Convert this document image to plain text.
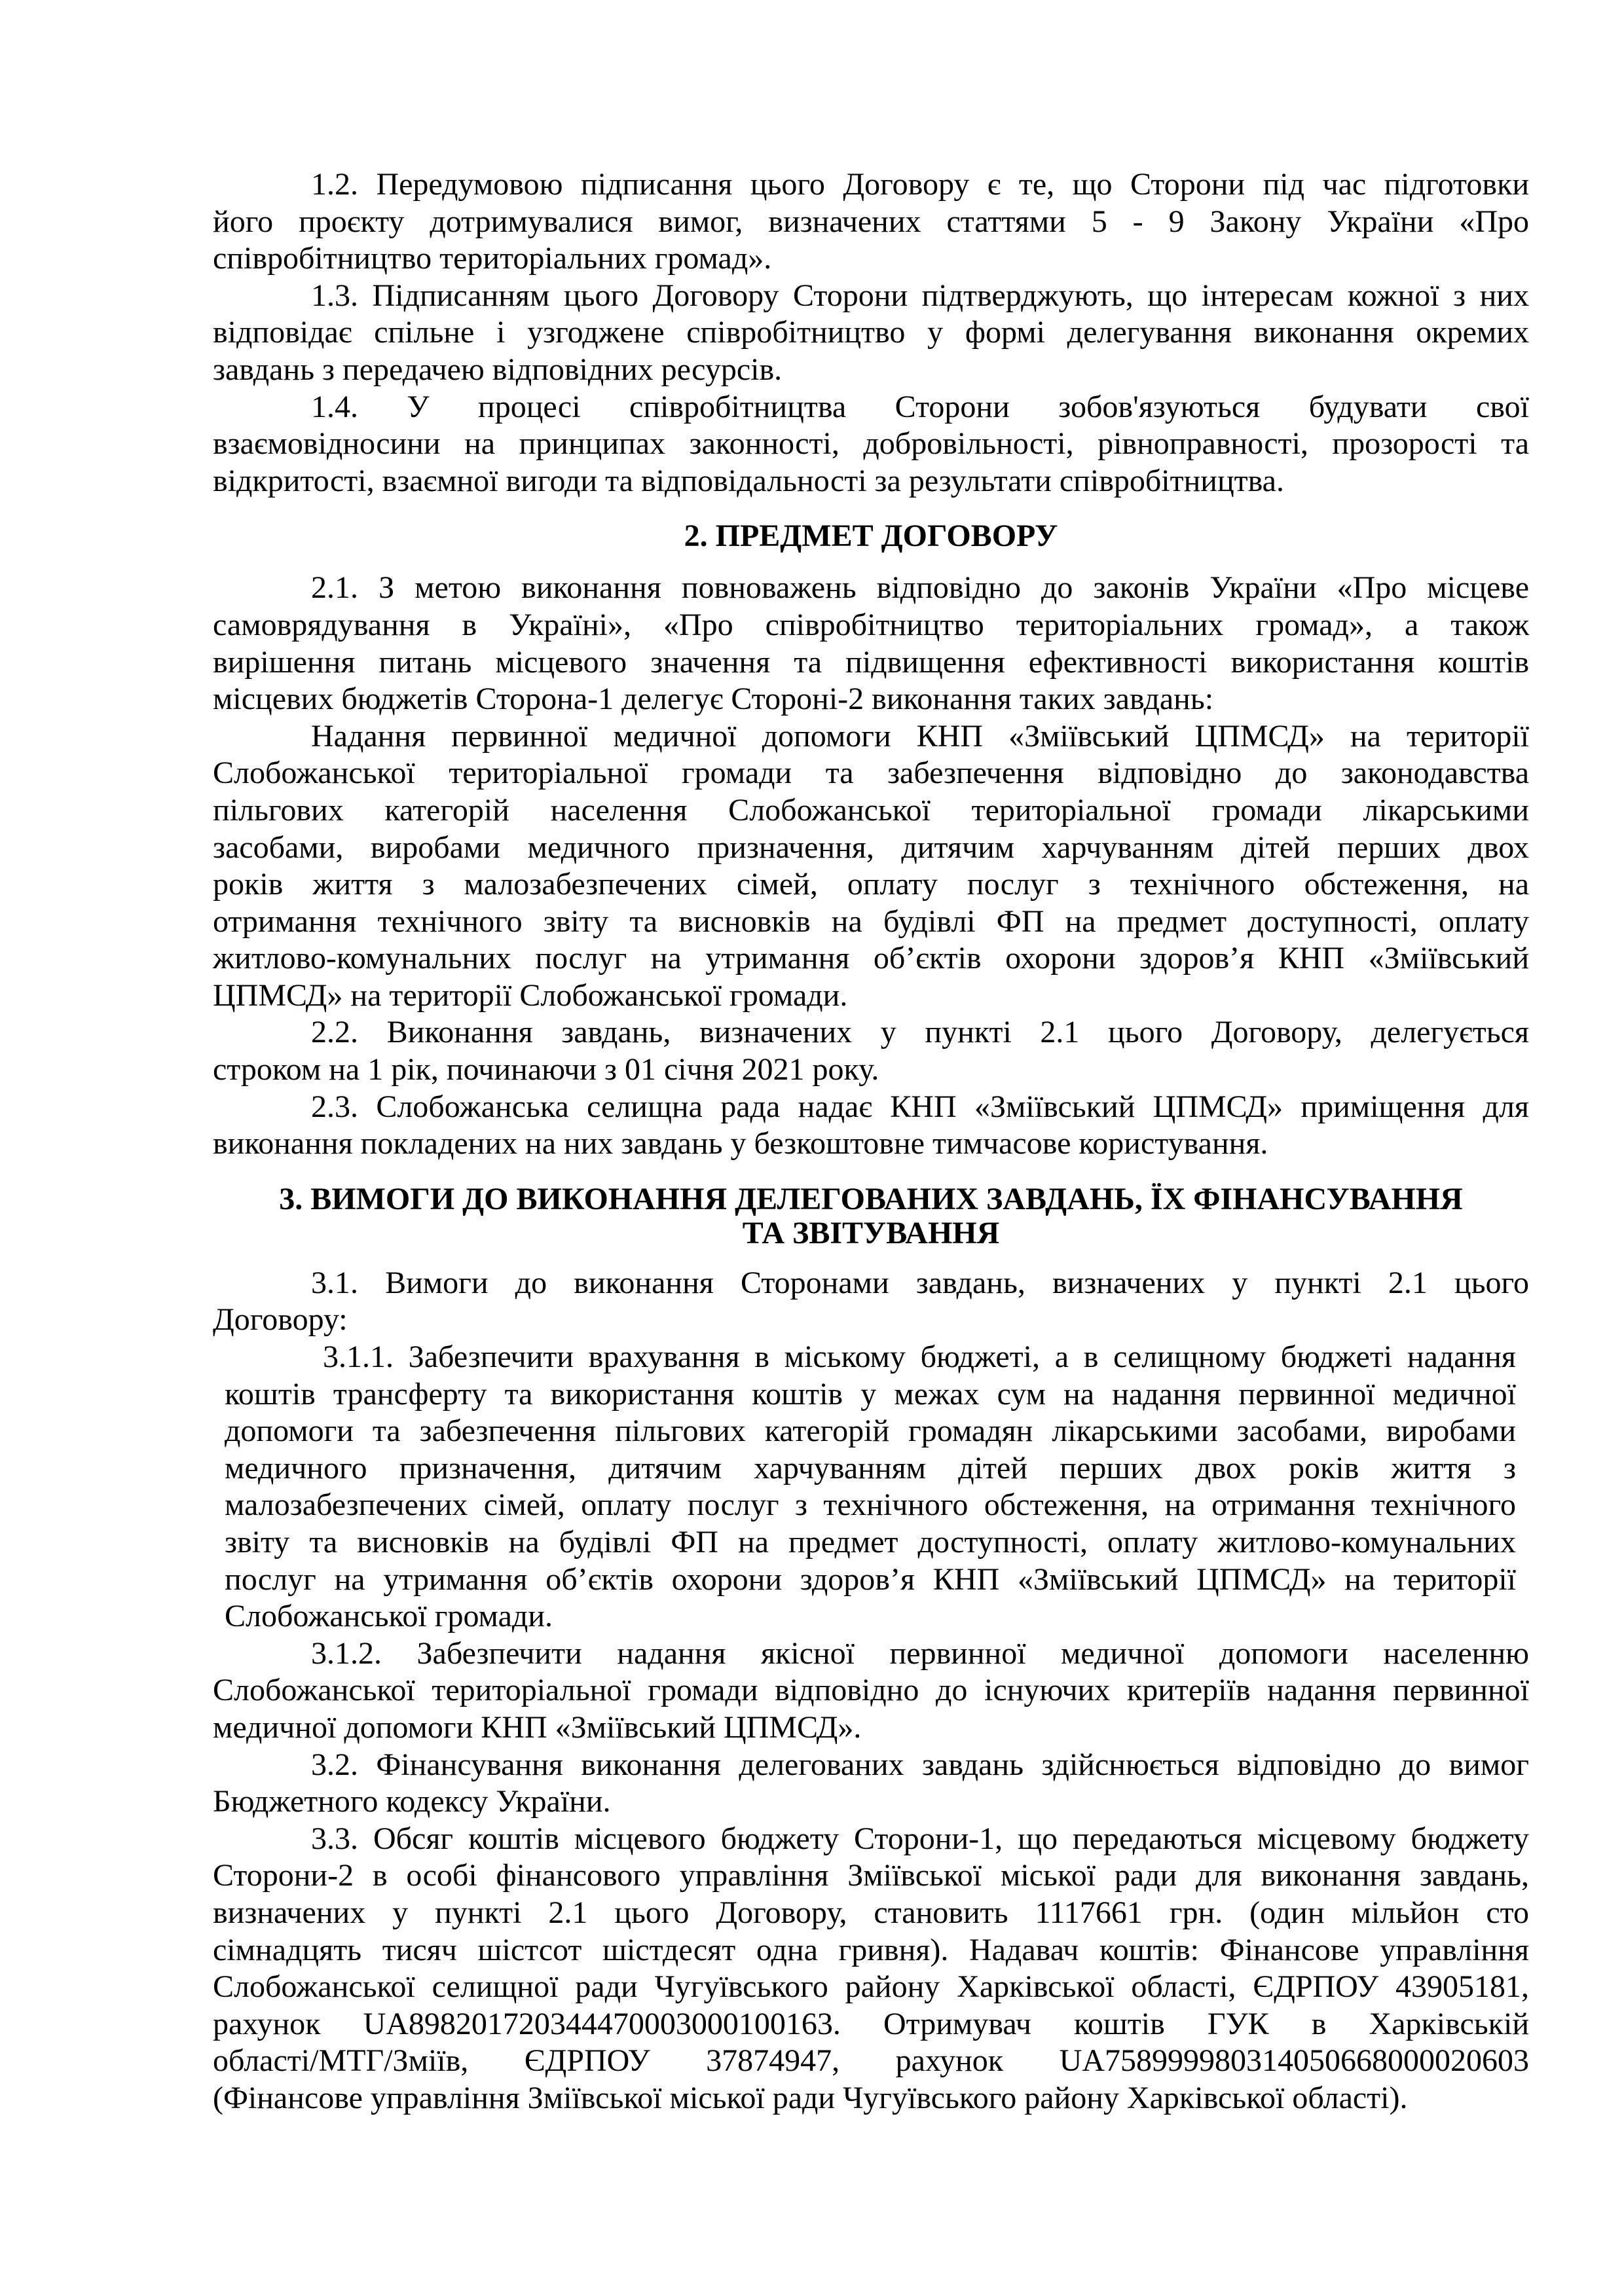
1.2. Передумовою підписання цього Договору є те, що Сторони під час підготовки
його проєкту дотримувалися вимог, визначених статтями 5 - 9 Закону України «Про
співробітництво територіальних громад».
1.3. Підписанням цього Договору Сторони підтверджують, що інтересам кожної з них
відповідає спільне і узгоджене співробітництво у формі делегування виконання окремих
завдань з передачею відповідних ресурсів.
1.4. У процесі співробітництва Сторони зобов'язуються будувати свої
взаємовідносини на принципах законності, добровільності, рівноправності, прозорості та
відкритості, взаємної вигоди та відповідальності за результати співробітництва.
2. ПРЕДМЕТ ДОГОВОРУ
2.1. З метою виконання повноважень відповідно до законів України «Про місцеве
самоврядування в Україні», «Про співробітництво територіальних громад», а також
вирішення питань місцевого значення та підвищення ефективності використання коштів
місцевих бюджетів Сторона-1 делегує Стороні-2 виконання таких завдань:
Надання первинної медичної допомоги КНП «Зміївський ЦПМСД» на території
Слобожанської територіальної громади та забезпечення відповідно до законодавства
пільгових категорій населення Слобожанської територіальної громади лікарськими
засобами, виробами медичного призначення, дитячим харчуванням дітей перших двох
років життя з малозабезпечених сімей, оплату послуг з технічного обстеження, на
отримання технічного звіту та висновків на будівлі ФП на предмет доступності, оплату
житлово-комунальних послуг на утримання об’єктів охорони здоров’я КНП «Зміївський
ЦПМСД» на території Слобожанської громади.
2.2. Виконання завдань, визначених у пункті 2.1 цього Договору, делегується
строком на 1 рік, починаючи з 01 січня 2021 року.
2.3. Слобожанська селищна рада надає КНП «Зміївський ЦПМСД» приміщення для
виконання покладених на них завдань у безкоштовне тимчасове користування.
3. ВИМОГИ ДО ВИКОНАННЯ ДЕЛЕГОВАНИХ ЗАВДАНЬ, ЇХ ФІНАНСУВАННЯ
ТА ЗВІТУВАННЯ
3.1. Вимоги до виконання Сторонами завдань, визначених у пункті 2.1 цього
Договору:
3.1.1. Забезпечити врахування в міському бюджеті, а в селищному бюджеті надання
коштів трансферту та використання коштів у межах сум на надання первинної медичної
допомоги та забезпечення пільгових категорій громадян лікарськими засобами, виробами
медичного призначення, дитячим харчуванням дітей перших двох років життя з
малозабезпечених сімей, оплату послуг з технічного обстеження, на отримання технічного
звіту та висновків на будівлі ФП на предмет доступності, оплату житлово-комунальних
послуг на утримання об’єктів охорони здоров’я КНП «Зміївський ЦПМСД» на території
Слобожанської громади.
3.1.2. Забезпечити надання якісної первинної медичної допомоги населенню
Слобожанської територіальної громади відповідно до існуючих критеріїв надання первинної
медичної допомоги КНП «Зміївський ЦПМСД».
3.2. Фінансування виконання делегованих завдань здійснюється відповідно до вимог
Бюджетного кодексу України.
3.3. Обсяг коштів місцевого бюджету Сторони-1, що передаються місцевому бюджету
Сторони-2 в особі фінансового управління Зміївської міської ради для виконання завдань,
визначених у пункті 2.1 цього Договору, становить 1117661 грн. (один мільйон сто
сімнадцять тисяч шістсот шістдесят одна гривня). Надавач коштів: Фінансове управління
Слобожанської селищної ради Чугуївського району Харківської області, ЄДРПОУ 43905181,
рахунок UA898201720344470003000100163. Отримувач коштів ГУК в Харківській
області/МТГ/Зміїв, ЄДРПОУ 37874947, рахунок UA758999980314050668000020603
(Фінансове управління Зміївської міської ради Чугуївського району Харківської області).
